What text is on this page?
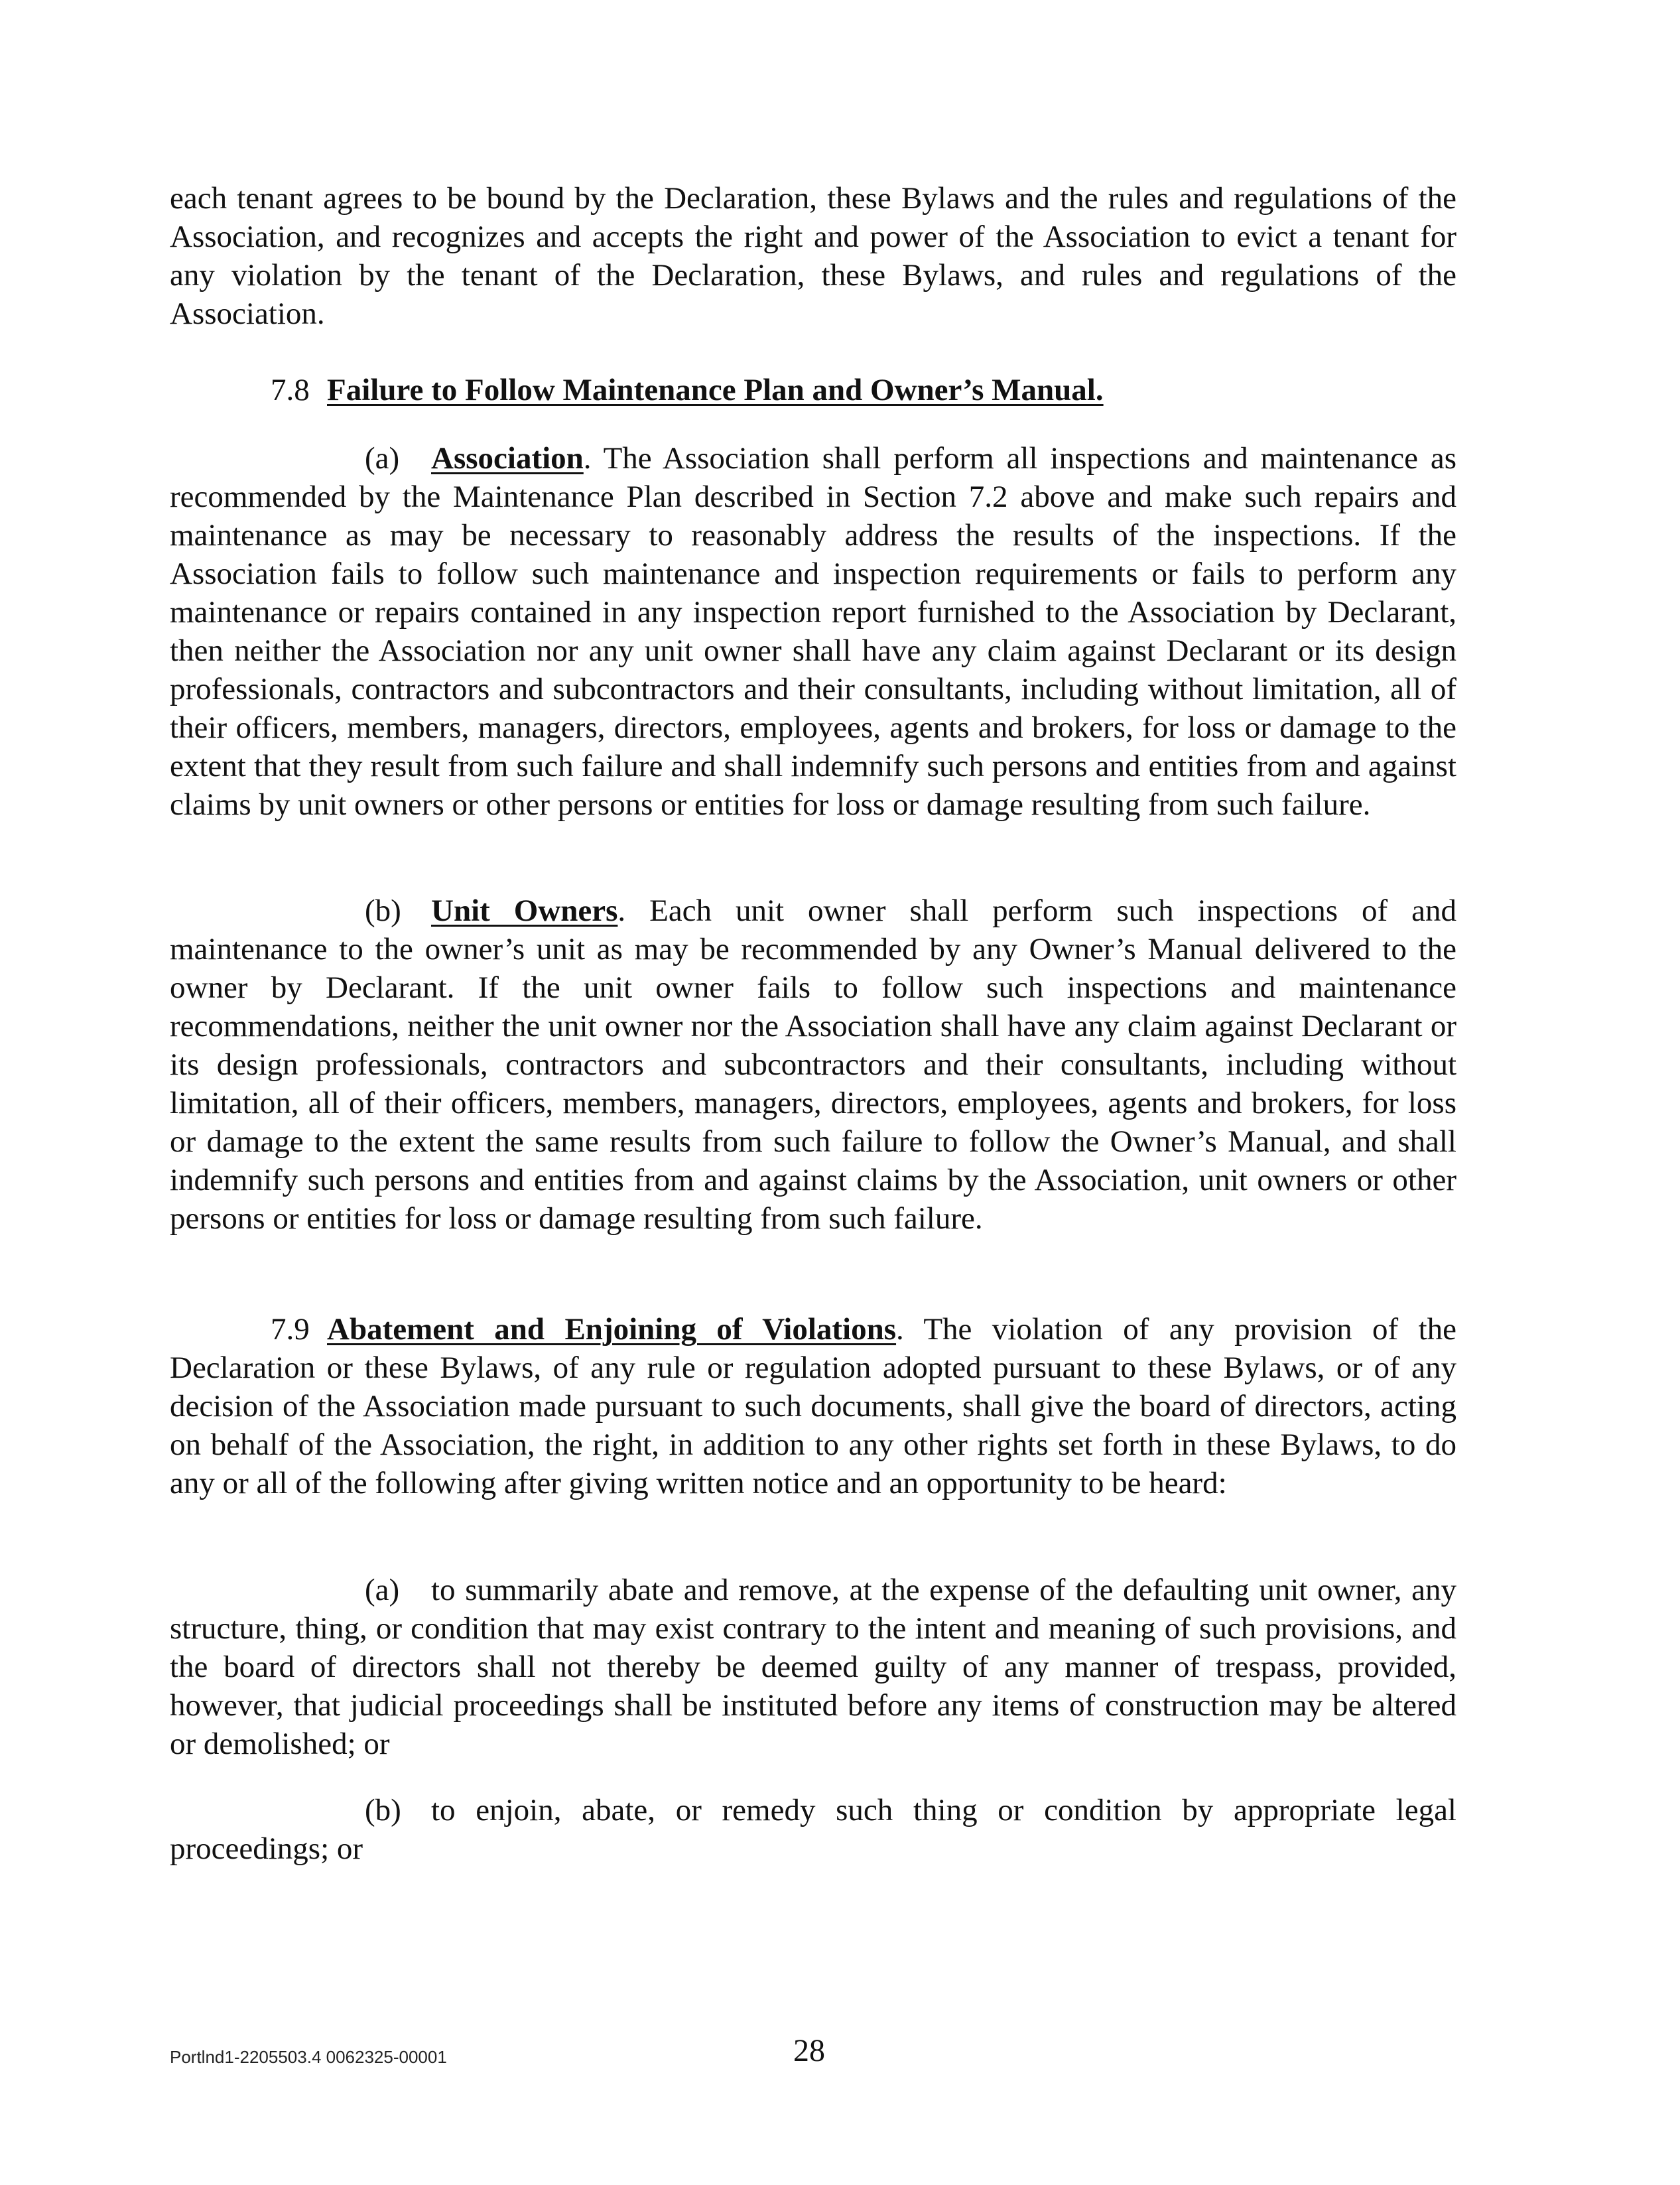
each tenant agrees to be bound by the Declaration, these Bylaws and the rules and regulations of the Association, and recognizes and accepts the right and power of the Association to evict a tenant for any violation by the tenant of the Declaration, these Bylaws, and rules and regulations of the Association.

7.8 Failure to Follow Maintenance Plan and Owner’s Manual.

(a) Association. The Association shall perform all inspections and maintenance as recommended by the Maintenance Plan described in Section 7.2 above and make such repairs and maintenance as may be necessary to reasonably address the results of the inspections. If the Association fails to follow such maintenance and inspection requirements or fails to perform any maintenance or repairs contained in any inspection report furnished to the Association by Declarant, then neither the Association nor any unit owner shall have any claim against Declarant or its design professionals, contractors and subcontractors and their consultants, including without limitation, all of their officers, members, managers, directors, employees, agents and brokers, for loss or damage to the extent that they result from such failure and shall indemnify such persons and entities from and against claims by unit owners or other persons or entities for loss or damage resulting from such failure.

(b) Unit Owners. Each unit owner shall perform such inspections of and maintenance to the owner’s unit as may be recommended by any Owner’s Manual delivered to the owner by Declarant. If the unit owner fails to follow such inspections and maintenance recommendations, neither the unit owner nor the Association shall have any claim against Declarant or its design professionals, contractors and subcontractors and their consultants, including without limitation, all of their officers, members, managers, directors, employees, agents and brokers, for loss or damage to the extent the same results from such failure to follow the Owner’s Manual, and shall indemnify such persons and entities from and against claims by the Association, unit owners or other persons or entities for loss or damage resulting from such failure.

7.9 Abatement and Enjoining of Violations. The violation of any provision of the Declaration or these Bylaws, of any rule or regulation adopted pursuant to these Bylaws, or of any decision of the Association made pursuant to such documents, shall give the board of directors, acting on behalf of the Association, the right, in addition to any other rights set forth in these Bylaws, to do any or all of the following after giving written notice and an opportunity to be heard:

(a) to summarily abate and remove, at the expense of the defaulting unit owner, any structure, thing, or condition that may exist contrary to the intent and meaning of such provisions, and the board of directors shall not thereby be deemed guilty of any manner of trespass, provided, however, that judicial proceedings shall be instituted before any items of construction may be altered or demolished; or

(b) to enjoin, abate, or remedy such thing or condition by appropriate legal proceedings; or

Portlnd1-2205503.4 0062325-00001	28
